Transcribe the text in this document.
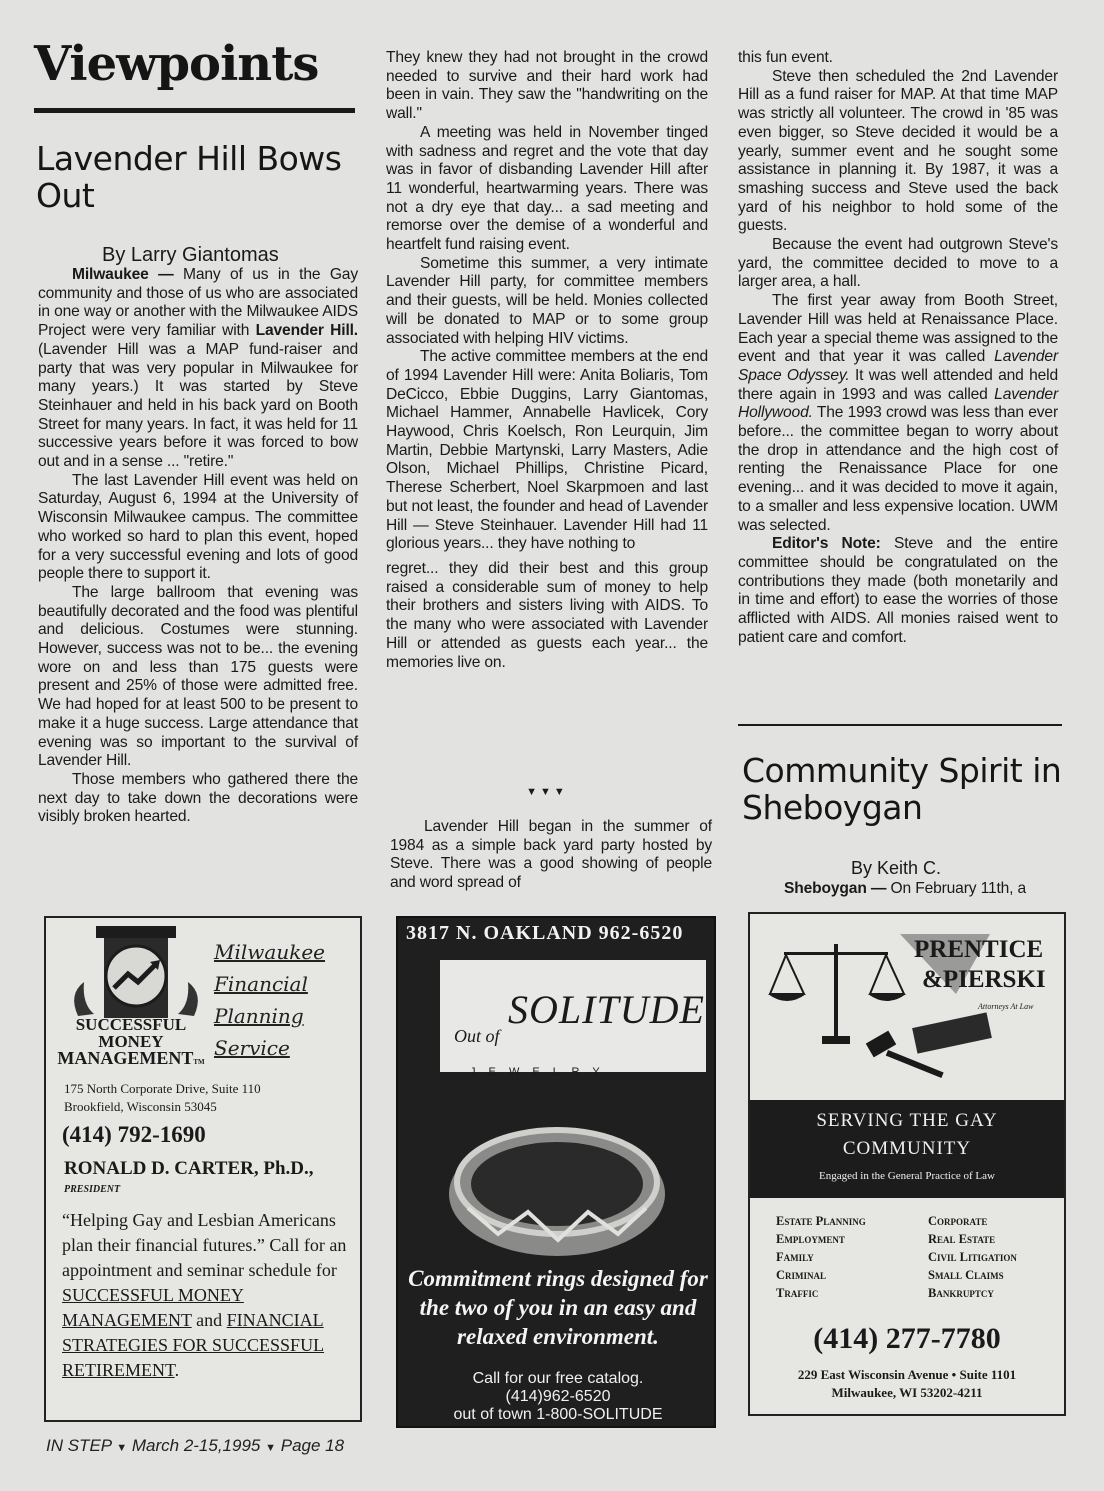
Viewpoints
Lavender Hill Bows Out
By Larry Giantomas

Milwaukee — Many of us in the Gay community and those of us who are associated in one way or another with the Milwaukee AIDS Project were very familiar with Lavender Hill. (Lavender Hill was a MAP fund-raiser and party that was very popular in Milwaukee for many years.) It was started by Steve Steinhauer and held in his back yard on Booth Street for many years. In fact, it was held for 11 successive years before it was forced to bow out and in a sense ... "retire."

The last Lavender Hill event was held on Saturday, August 6, 1994 at the University of Wisconsin Milwaukee campus. The committee who worked so hard to plan this event, hoped for a very successful evening and lots of good people there to support it.

The large ballroom that evening was beautifully decorated and the food was plentiful and delicious. Costumes were stunning. However, success was not to be... the evening wore on and less than 175 guests were present and 25% of those were admitted free. We had hoped for at least 500 to be present to make it a huge success. Large attendance that evening was so important to the survival of Lavender Hill.

Those members who gathered there the next day to take down the decorations were visibly broken hearted.

They knew they had not brought in the crowd needed to survive and their hard work had been in vain. They saw the "handwriting on the wall."

A meeting was held in November tinged with sadness and regret and the vote that day was in favor of disbanding Lavender Hill after 11 wonderful, heartwarming years. There was not a dry eye that day... a sad meeting and remorse over the demise of a wonderful and heartfelt fund raising event.

Sometime this summer, a very intimate Lavender Hill party, for committee members and their guests, will be held. Monies collected will be donated to MAP or to some group associated with helping HIV victims.

The active committee members at the end of 1994 Lavender Hill were: Anita Boliaris, Tom DeCicco, Ebbie Duggins, Larry Giantomas, Michael Hammer, Annabelle Havlicek, Cory Haywood, Chris Koelsch, Ron Leurquin, Jim Martin, Debbie Martynski, Larry Masters, Adie Olson, Michael Phillips, Christine Picard, Therese Scherbert, Noel Skarpmoen and last but not least, the founder and head of Lavender Hill — Steve Steinhauer. Lavender Hill had 11 glorious years... they have nothing to

regret... they did their best and this group raised a considerable sum of money to help their brothers and sisters living with AIDS. To the many who were associated with Lavender Hill or attended as guests each year... the memories live on.

▼▼▼

Lavender Hill began in the summer of 1984 as a simple back yard party hosted by Steve. There was a good showing of people and word spread of

this fun event.

Steve then scheduled the 2nd Lavender Hill as a fund raiser for MAP. At that time MAP was strictly all volunteer. The crowd in '85 was even bigger, so Steve decided it would be a yearly, summer event and he sought some assistance in planning it. By 1987, it was a smashing success and Steve used the back yard of his neighbor to hold some of the guests.

Because the event had outgrown Steve's yard, the committee decided to move to a larger area, a hall.

The first year away from Booth Street, Lavender Hill was held at Renaissance Place. Each year a special theme was assigned to the event and that year it was called Lavender Space Odyssey. It was well attended and held there again in 1993 and was called Lavender Hollywood. The 1993 crowd was less than ever before... the committee began to worry about the drop in attendance and the high cost of renting the Renaissance Place for one evening... and it was decided to move it again, to a smaller and less expensive location. UWM was selected.

Editor's Note: Steve and the entire committee should be congratulated on the contributions they made (both monetarily and in time and effort) to ease the worries of those afflicted with AIDS. All monies raised went to patient care and comfort.

Community Spirit in Sheboygan
By Keith C.
Sheboygan — On February 11th, a
SUCCESSFUL
MONEY
MANAGEMENTTM
Milwaukee
Financial
Planning
Service
175 North Corporate Drive, Suite 110
Brookfield, Wisconsin 53045
(414) 792-1690
RONALD D. CARTER, Ph.D.,
PRESIDENT
“Helping Gay and Lesbian Americans plan their financial futures.” Call for an appointment and seminar schedule for SUCCESSFUL MONEY MANAGEMENT and FINANCIAL STRATEGIES FOR SUCCESSFUL RETIREMENT.
3817 N. OAKLAND 962-6520
Out of
SOLITUDE
J E W E L R Y
Commitment rings designed for the two of you in an easy and relaxed environment.
Call for our free catalog.
(414)962-6520
out of town 1-800-SOLITUDE
PRENTICE
&PIERSKI
Attorneys At Law
SERVING THE GAY
COMMUNITY
Engaged in the General Practice of Law
Estate Planning
Employment
Family
Criminal
Traffic
Corporate
Real Estate
Civil Litigation
Small Claims
Bankruptcy
(414) 277-7780
229 East Wisconsin Avenue • Suite 1101
Milwaukee, WI 53202-4211
IN STEP ▼ March 2-15,1995 ▼ Page 18
